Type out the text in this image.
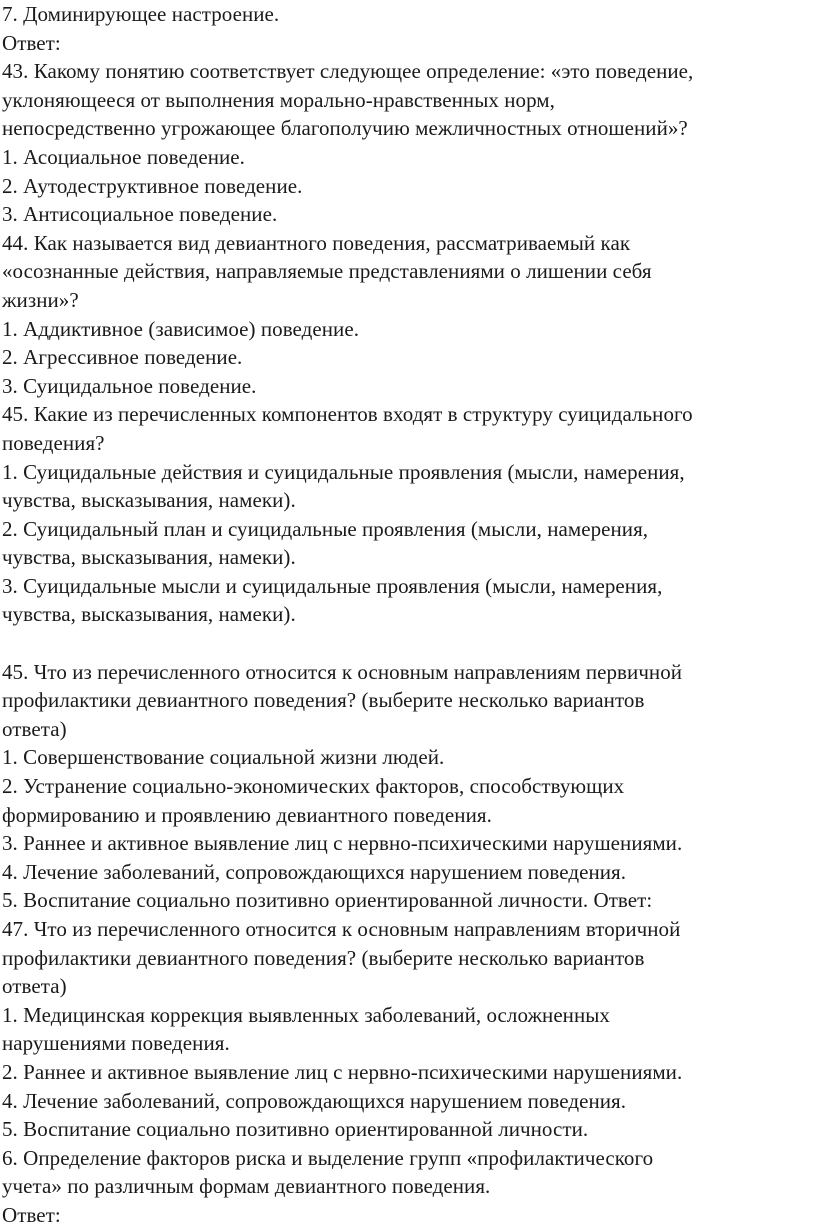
7. Доминирующее настроение.
Ответ:
43. Какому понятию соответствует следующее определение: «это поведение,
уклоняющееся от выполнения морально-нравственных норм,
непосредственно угрожающее благополучию межличностных отношений»?
1. Асоциальное поведение.
2. Аутодеструктивное поведение.
3. Антисоциальное поведение.
44. Как называется вид девиантного поведения, рассматриваемый как
«осознанные действия, направляемые представлениями о лишении себя
жизни»?
1. Аддиктивное (зависимое) поведение.
2. Агрессивное поведение.
3. Суицидальное поведение.
45. Какие из перечисленных компонентов входят в структуру суицидального
поведения?
1. Суицидальные действия и суицидальные проявления (мысли, намерения,
чувства, высказывания, намеки).
2. Суицидальный план и суицидальные проявления (мысли, намерения,
чувства, высказывания, намеки).
3. Суицидальные мысли и суицидальные проявления (мысли, намерения,
чувства, высказывания, намеки).
45. Что из перечисленного относится к основным направлениям первичной
профилактики девиантного поведения? (выберите несколько вариантов
ответа)
1. Совершенствование социальной жизни людей.
2. Устранение социально-экономических факторов, способствующих
формированию и проявлению девиантного поведения.
3. Раннее и активное выявление лиц с нервно-психическими нарушениями.
4. Лечение заболеваний, сопровождающихся нарушением поведения.
5. Воспитание социально позитивно ориентированной личности. Ответ:
47. Что из перечисленного относится к основным направлениям вторичной
профилактики девиантного поведения? (выберите несколько вариантов
ответа)
1. Медицинская коррекция выявленных заболеваний, осложненных
нарушениями поведения.
2. Раннее и активное выявление лиц с нервно-психическими нарушениями.
4. Лечение заболеваний, сопровождающихся нарушением поведения.
5. Воспитание социально позитивно ориентированной личности.
6. Определение факторов риска и выделение групп «профилактического
учета» по различным формам девиантного поведения.
Ответ:
